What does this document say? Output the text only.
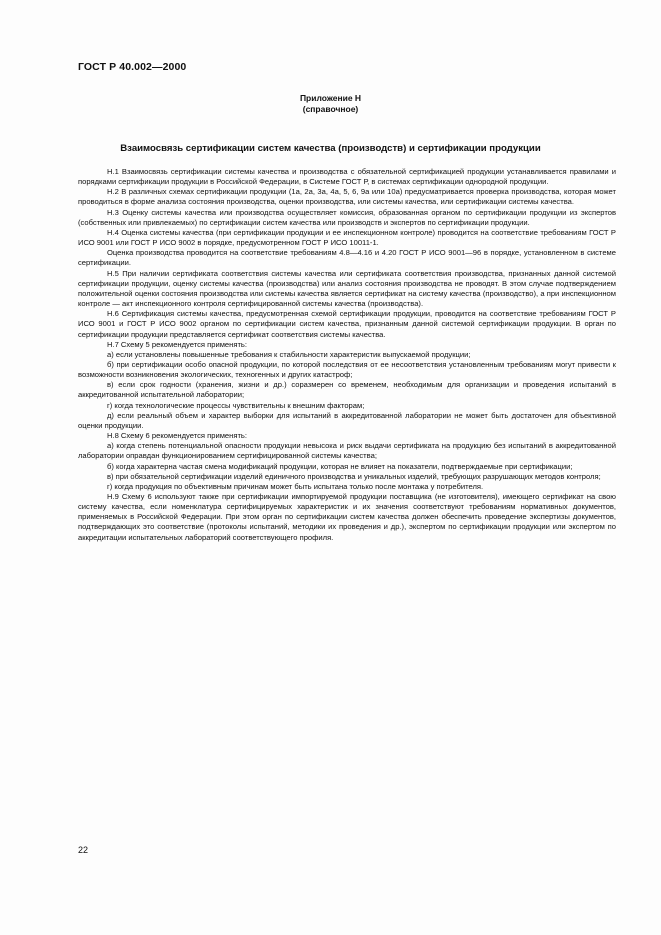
ГОСТ Р 40.002—2000
Приложение Н
(справочное)
Взаимосвязь сертификации систем качества (производств) и сертификации продукции

Н.1 Взаимосвязь сертификации системы качества и производства с обязательной сертификацией продукции устанавливается правилами и порядками сертификации продукции в Российской Федерации, в Системе ГОСТ Р, в системах сертификации однородной продукции.

Н.2 В различных схемах сертификации продукции (1а, 2а, 3а, 4а, 5, 6, 9а или 10а) предусматривается проверка производства, которая может проводиться в форме анализа состояния производства, оценки производства, или системы качества, или сертификации системы качества.

Н.3 Оценку системы качества или производства осуществляет комиссия, образованная органом по сертификации продукции из экспертов (собственных или привлекаемых) по сертификации систем качества или производств и экспертов по сертификации продукции.

Н.4 Оценка системы качества (при сертификации продукции и ее инспекционном контроле) проводится на соответствие требованиям ГОСТ Р ИСО 9001 или ГОСТ Р ИСО 9002 в порядке, предусмотренном ГОСТ Р ИСО 10011-1.

Оценка производства проводится на соответствие требованиям 4.8—4.16 и 4.20 ГОСТ Р ИСО 9001—96 в порядке, установленном в системе сертификации.

Н.5 При наличии сертификата соответствия системы качества или сертификата соответствия производства, признанных данной системой сертификации продукции, оценку системы качества (производства) или анализ состояния производства не проводят. В этом случае подтверждением положительной оценки состояния производства или системы качества является сертификат на систему качества (производство), а при инспекционном контроле — акт инспекционного контроля сертифицированной системы качества (производства).

Н.6 Сертификация системы качества, предусмотренная схемой сертификации продукции, проводится на соответствие требованиям ГОСТ Р ИСО 9001 и ГОСТ Р ИСО 9002 органом по сертификации систем качества, признанным данной системой сертификации продукции. В орган по сертификации продукции представляется сертификат соответствия системы качества.

Н.7 Схему 5 рекомендуется применять:

а) если установлены повышенные требования к стабильности характеристик выпускаемой продукции;

б) при сертификации особо опасной продукции, по которой последствия от ее несоответствия установленным требованиям могут привести к возможности возникновения экологических, техногенных и других катастроф;

в) если срок годности (хранения, жизни и др.) соразмерен со временем, необходимым для организации и проведения испытаний в аккредитованной испытательной лаборатории;

г) когда технологические процессы чувствительны к внешним факторам;

д) если реальный объем и характер выборки для испытаний в аккредитованной лаборатории не может быть достаточен для объективной оценки продукции.

Н.8 Схему 6 рекомендуется применять:

а) когда степень потенциальной опасности продукции невысока и риск выдачи сертификата на продукцию без испытаний в аккредитованной лаборатории оправдан функционированием сертифицированной системы качества;

б) когда характерна частая смена модификаций продукции, которая не влияет на показатели, подтверждаемые при сертификации;

в) при обязательной сертификации изделий единичного производства и уникальных изделий, требующих разрушающих методов контроля;

г) когда продукция по объективным причинам может быть испытана только после монтажа у потребителя.

Н.9 Схему 6 используют также при сертификации импортируемой продукции поставщика (не изготовителя), имеющего сертификат на свою систему качества, если номенклатура сертифицируемых характеристик и их значения соответствуют требованиям нормативных документов, применяемых в Российской Федерации. При этом орган по сертификации систем качества должен обеспечить проведение экспертизы документов, подтверждающих это соответствие (протоколы испытаний, методики их проведения и др.), экспертом по сертификации продукции или экспертом по аккредитации испытательных лабораторий соответствующего профиля.

22
